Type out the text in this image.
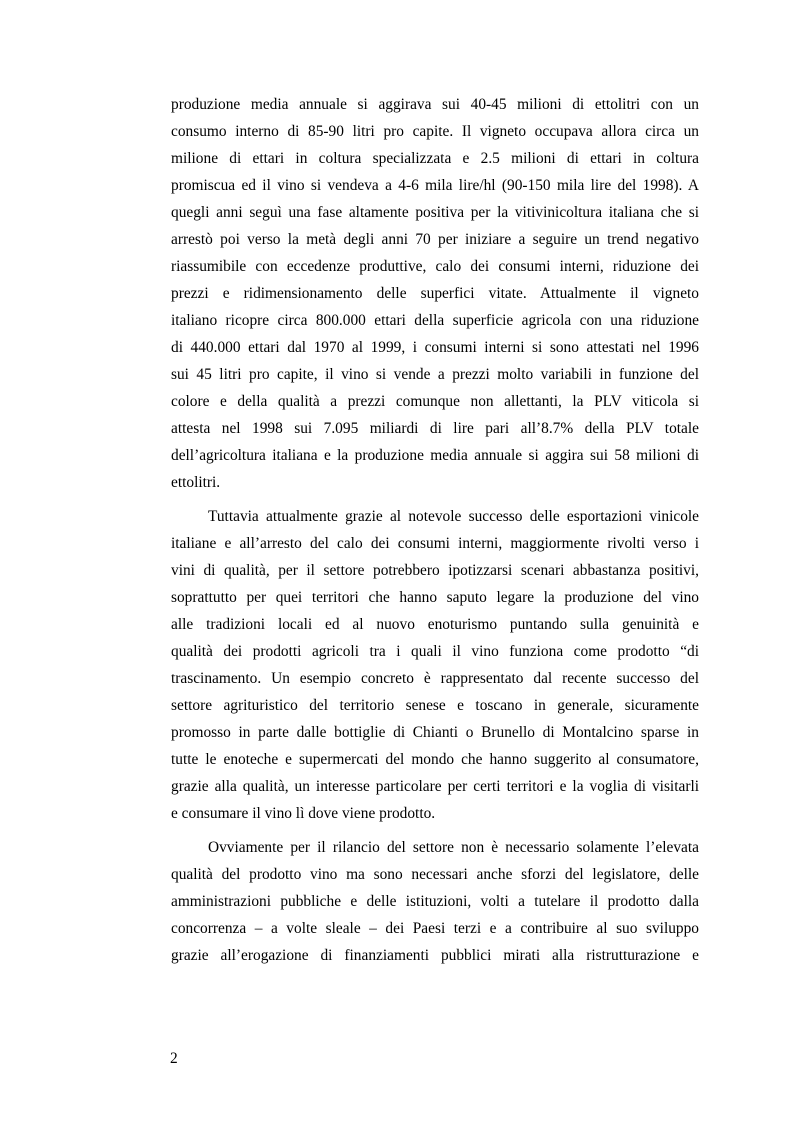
produzione media annuale si aggirava sui 40-45 milioni di ettolitri con un
consumo interno di 85-90 litri pro capite. Il vigneto occupava allora circa un
milione di ettari in coltura specializzata e 2.5 milioni di ettari in coltura
promiscua ed il vino si vendeva a 4-6 mila lire/hl (90-150 mila lire del 1998). A
quegli anni seguì una fase altamente positiva per la vitivinicoltura italiana che si
arrestò poi verso la metà degli anni 70 per iniziare a seguire un trend negativo
riassumibile con eccedenze produttive, calo dei consumi interni, riduzione dei
prezzi e ridimensionamento delle superfici vitate. Attualmente il vigneto
italiano ricopre circa 800.000 ettari della superficie agricola con una riduzione
di 440.000 ettari dal 1970 al 1999, i consumi interni si sono attestati nel 1996
sui 45 litri pro capite, il vino si vende a prezzi molto variabili in funzione del
colore e della qualità a prezzi comunque non allettanti, la PLV viticola si
attesta nel 1998 sui 7.095 miliardi di lire pari all’8.7% della PLV totale
dell’agricoltura italiana e la produzione media annuale si aggira sui 58 milioni di
ettolitri.
Tuttavia attualmente grazie al notevole successo delle esportazioni vinicole
italiane e all’arresto del calo dei consumi interni, maggiormente rivolti verso i
vini di qualità, per il settore potrebbero ipotizzarsi scenari abbastanza positivi,
soprattutto per quei territori che hanno saputo legare la produzione del vino
alle tradizioni locali ed al nuovo enoturismo puntando sulla genuinità e
qualità dei prodotti agricoli tra i quali il vino funziona come prodotto “di
trascinamento. Un esempio concreto è rappresentato dal recente successo del
settore agrituristico del territorio senese e toscano in generale, sicuramente
promosso in parte dalle bottiglie di Chianti o Brunello di Montalcino sparse in
tutte le enoteche e supermercati del mondo che hanno suggerito al consumatore,
grazie alla qualità, un interesse particolare per certi territori e la voglia di visitarli
e consumare il vino lì dove viene prodotto.
Ovviamente per il rilancio del settore non è necessario solamente l’elevata
qualità del prodotto vino ma sono necessari anche sforzi del legislatore, delle
amministrazioni pubbliche e delle istituzioni, volti a tutelare il prodotto dalla
concorrenza – a volte sleale – dei Paesi terzi e a contribuire al suo sviluppo
grazie all’erogazione di finanziamenti pubblici mirati alla ristrutturazione e
2
